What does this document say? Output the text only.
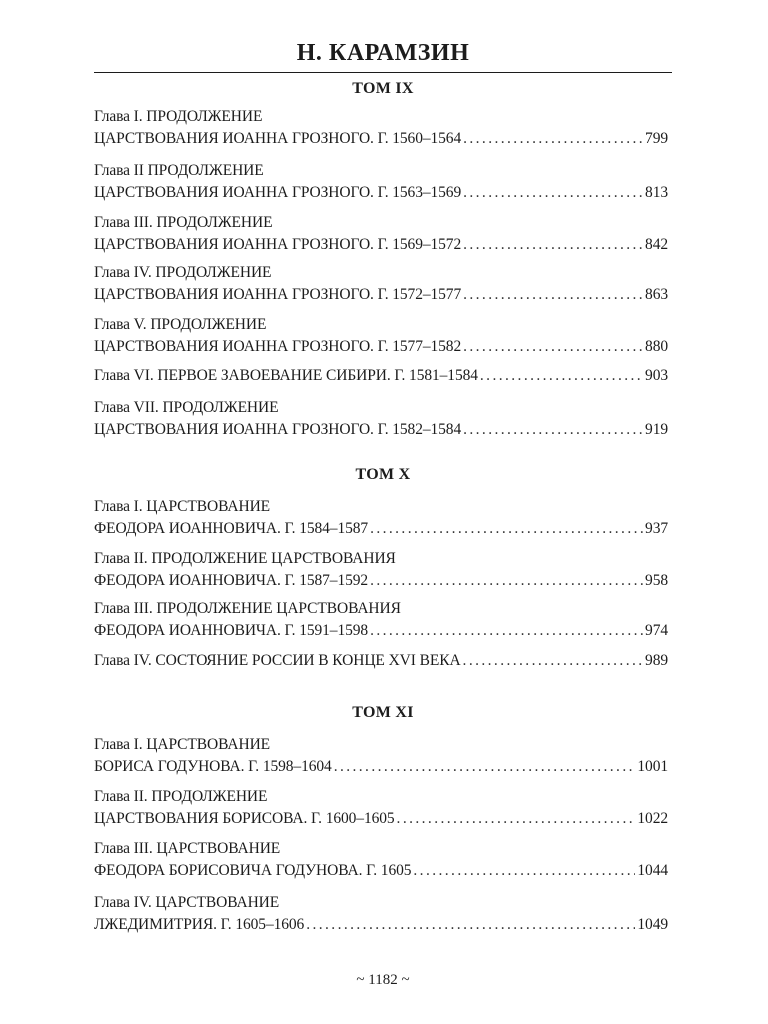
Н. КАРАМЗИН
ТОМ IX
Глава I. ПРОДОЛЖЕНИЕ
ЦАРСТВОВАНИЯ ИОАННА ГРОЗНОГО. Г. 1560–1564 .....	799
Глава II ПРОДОЛЖЕНИЕ
ЦАРСТВОВАНИЯ ИОАННА ГРОЗНОГО. Г. 1563–1569 .....	813
Глава III. ПРОДОЛЖЕНИЕ
ЦАРСТВОВАНИЯ ИОАННА ГРОЗНОГО. Г. 1569–1572 .....	842
Глава IV. ПРОДОЛЖЕНИЕ
ЦАРСТВОВАНИЯ ИОАННА ГРОЗНОГО. Г. 1572–1577 .....	863
Глава V. ПРОДОЛЖЕНИЕ
ЦАРСТВОВАНИЯ ИОАННА ГРОЗНОГО. Г. 1577–1582 .....	880
Глава VI. ПЕРВОЕ ЗАВОЕВАНИЕ СИБИРИ. Г. 1581–1584 .....	903
Глава VII. ПРОДОЛЖЕНИЕ
ЦАРСТВОВАНИЯ ИОАННА ГРОЗНОГО. Г. 1582–1584 .....	919
ТОМ X
Глава I. ЦАРСТВОВАНИЕ
ФЕОДОРА ИОАННОВИЧА. Г. 1584–1587 .....	937
Глава II. ПРОДОЛЖЕНИЕ ЦАРСТВОВАНИЯ
ФЕОДОРА ИОАННОВИЧА. Г. 1587–1592 .....	958
Глава III. ПРОДОЛЖЕНИЕ ЦАРСТВОВАНИЯ
ФЕОДОРА ИОАННОВИЧА. Г. 1591–1598 .....	974
Глава IV. СОСТОЯНИЕ РОССИИ В КОНЦЕ XVI ВЕКА .....	989
ТОМ XI
Глава I. ЦАРСТВОВАНИЕ
БОРИСА ГОДУНОВА. Г. 1598–1604 .....	1001
Глава II. ПРОДОЛЖЕНИЕ
ЦАРСТВОВАНИЯ БОРИСОВА. Г. 1600–1605 .....	1022
Глава III. ЦАРСТВОВАНИЕ
ФЕОДОРА БОРИСОВИЧА ГОДУНОВА. Г. 1605 .....	1044
Глава IV. ЦАРСТВОВАНИЕ
ЛЖЕДИМИТРИЯ. Г. 1605–1606 .....	1049
~ 1182 ~
